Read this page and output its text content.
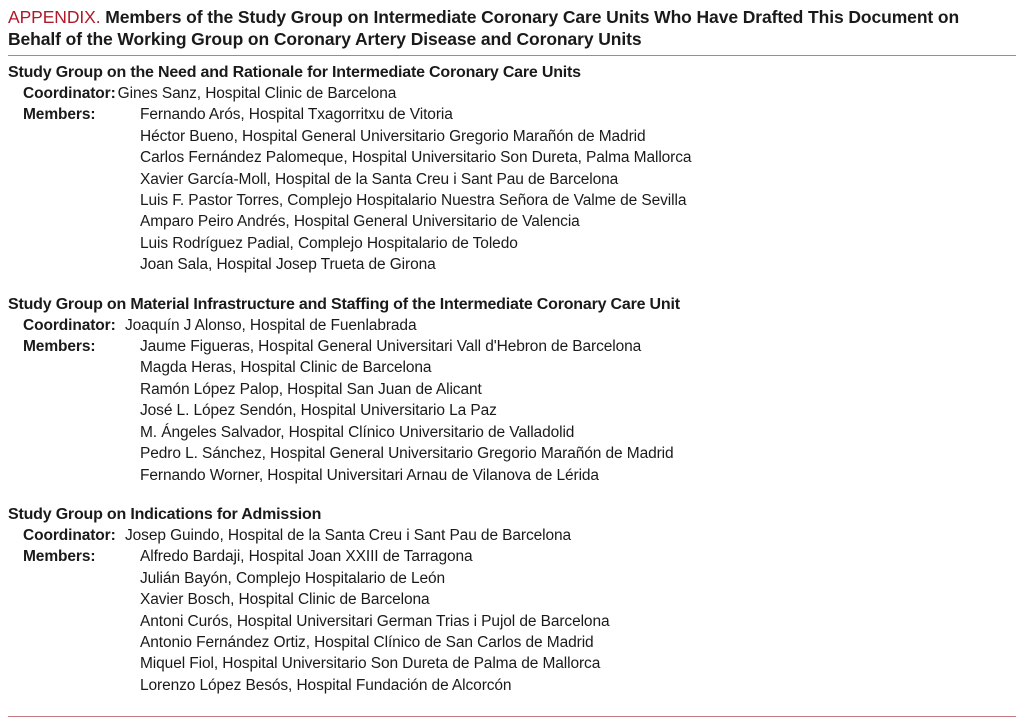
APPENDIX. Members of the Study Group on Intermediate Coronary Care Units Who Have Drafted This Document on Behalf of the Working Group on Coronary Artery Disease and Coronary Units

Study Group on the Need and Rationale for Intermediate Coronary Care Units

Coordinator: Gines Sanz, Hospital Clinic de Barcelona
Members:	Fernando Arós, Hospital Txagorritxu de Vitoria
Héctor Bueno, Hospital General Universitario Gregorio Marañón de Madrid
Carlos Fernández Palomeque, Hospital Universitario Son Dureta, Palma Mallorca
Xavier García-Moll, Hospital de la Santa Creu i Sant Pau de Barcelona
Luis F. Pastor Torres, Complejo Hospitalario Nuestra Señora de Valme de Sevilla
Amparo Peiro Andrés, Hospital General Universitario de Valencia
Luis Rodríguez Padial, Complejo Hospitalario de Toledo
Joan Sala, Hospital Josep Trueta de Girona

Study Group on Material Infrastructure and Staffing of the Intermediate Coronary Care Unit

Coordinator: Joaquín J Alonso, Hospital de Fuenlabrada
Members:	Jaume Figueras, Hospital General Universitari Vall d'Hebron de Barcelona
Magda Heras, Hospital Clinic de Barcelona
Ramón López Palop, Hospital San Juan de Alicant
José L. López Sendón, Hospital Universitario La Paz
M. Ángeles Salvador, Hospital Clínico Universitario de Valladolid
Pedro L. Sánchez, Hospital General Universitario Gregorio Marañón de Madrid
Fernando Worner, Hospital Universitari Arnau de Vilanova de Lérida

Study Group on Indications for Admission

Coordinator: Josep Guindo, Hospital de la Santa Creu i Sant Pau de Barcelona
Members:	Alfredo Bardaji, Hospital Joan XXIII de Tarragona
Julián Bayón, Complejo Hospitalario de León
Xavier Bosch, Hospital Clinic de Barcelona
Antoni Curós, Hospital Universitari German Trias i Pujol de Barcelona
Antonio Fernández Ortiz, Hospital Clínico de San Carlos de Madrid
Miquel Fiol, Hospital Universitario Son Dureta de Palma de Mallorca
Lorenzo López Besós, Hospital Fundación de Alcorcón
